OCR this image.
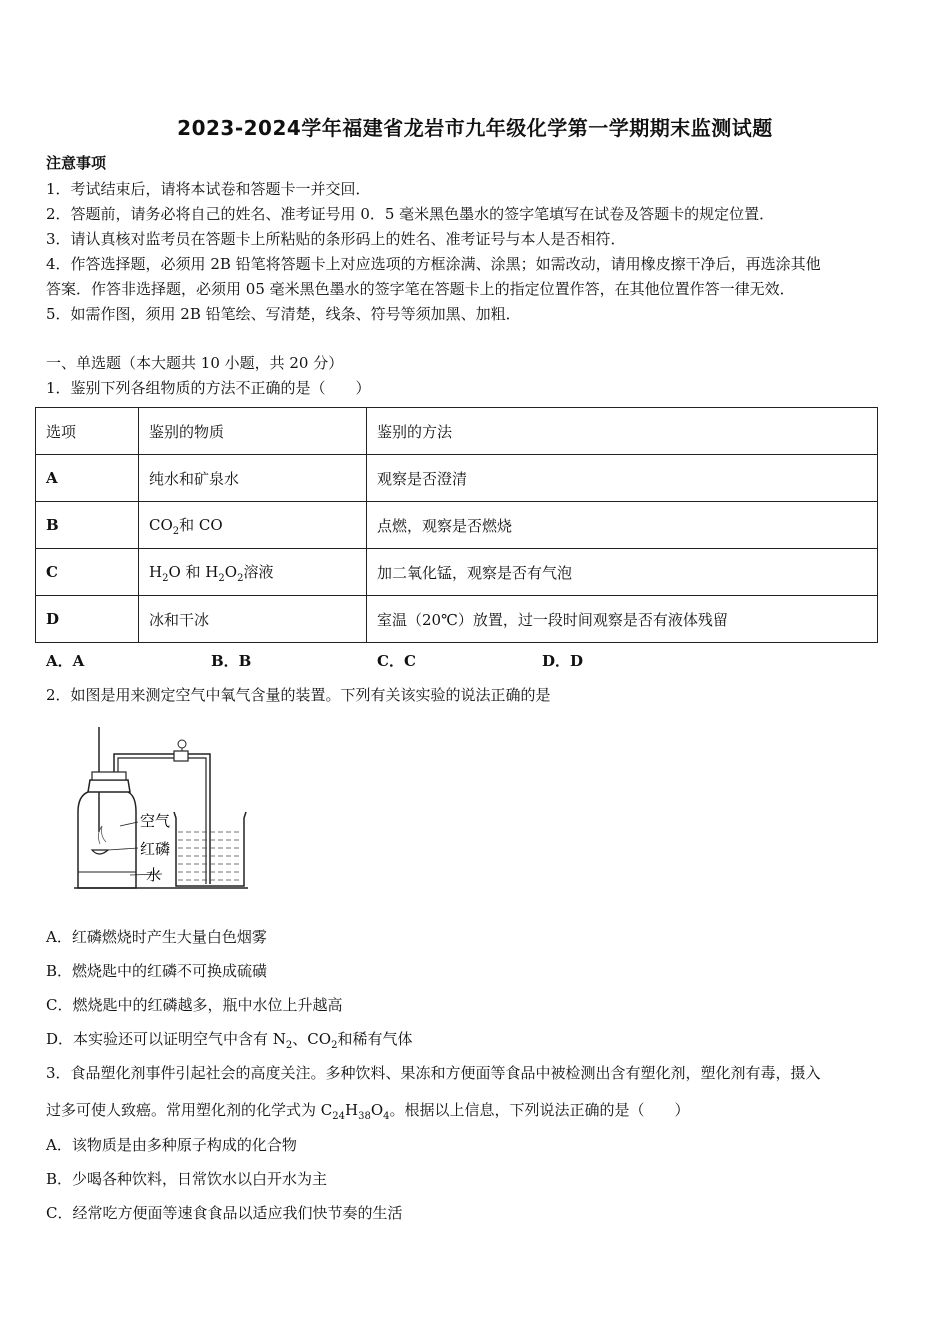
2023-2024学年福建省龙岩市九年级化学第一学期期末监测试题
注意事项
1．考试结束后，请将本试卷和答题卡一并交回．
2．答题前，请务必将自己的姓名、准考证号用 0．5 毫米黑色墨水的签字笔填写在试卷及答题卡的规定位置．
3．请认真核对监考员在答题卡上所粘贴的条形码上的姓名、准考证号与本人是否相符．
4．作答选择题，必须用 2B 铅笔将答题卡上对应选项的方框涂满、涂黑；如需改动，请用橡皮擦干净后，再选涂其他
答案．作答非选择题，必须用 05 毫米黑色墨水的签字笔在答题卡上的指定位置作答，在其他位置作答一律无效．
5．如需作图，须用 2B 铅笔绘、写清楚，线条、符号等须加黑、加粗．
一、单选题（本大题共 10 小题，共 20 分）
1．鉴别下列各组物质的方法不正确的是（　　）
选项	鉴别的物质	鉴别的方法
A	纯水和矿泉水	观察是否澄清
B	$CO_2$和 CO	点燃，观察是否燃烧
C	$H_2O$ 和 $H_2O_2$溶液	加二氧化锰，观察是否有气泡
D	冰和干冰	室温（20℃）放置，过一段时间观察是否有液体残留
A．A	B．B	C．C	D．D
2．如图是用来测定空气中氧气含量的装置。下列有关该实验的说法正确的是
空气
红磷
水
A．红磷燃烧时产生大量白色烟雾
B．燃烧匙中的红磷不可换成硫磺
C．燃烧匙中的红磷越多，瓶中水位上升越高
D．本实验还可以证明空气中含有 $N_2$、$CO_2$和稀有气体
3．食品塑化剂事件引起社会的高度关注。多种饮料、果冻和方便面等食品中被检测出含有塑化剂，塑化剂有毒，摄入
过多可使人致癌。常用塑化剂的化学式为 $C_{24}H_{38}O_4$。根据以上信息，下列说法正确的是（　　）
A．该物质是由多种原子构成的化合物
B．少喝各种饮料，日常饮水以白开水为主
C．经常吃方便面等速食食品以适应我们快节奏的生活
